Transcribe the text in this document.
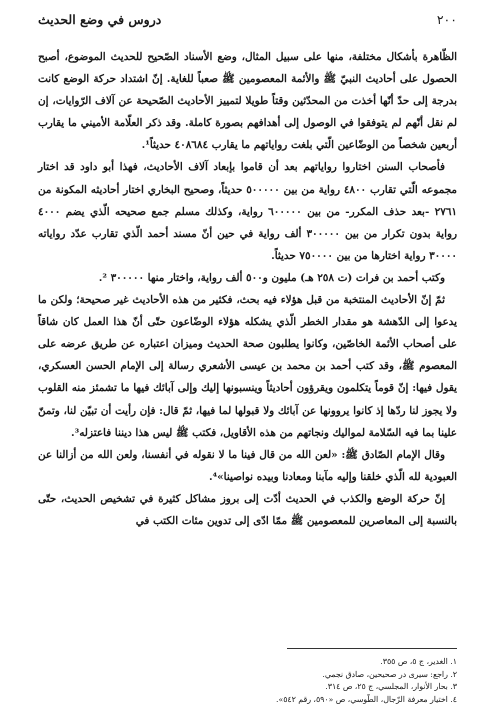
٢٠٠
دروس في وضع الحديث

الظّاهرة بأشكال مختلفة، منها على سبيل المثال، وضع الأسناد الصّحيح للحديث الموضوع، أصبح الحصول على أحاديث النبيّ ﷺ والأئمة المعصومين ﷺ صعباً للغاية. إنّ اشتداد حركة الوضع كانت بدرجة إلى حدّ أنّها أخذت من المحدّثين وقتاً طويلا لتمييز الأحاديث الصّحيحة عن آلاف الرّوايات، إن لم نقل أنّهم لم يتوفقوا في الوصول إلى أهدافهم بصورة كاملة. وقد ذكر العلّامة الأميني ما يقارب أربعين شخصاً من الوضّاعين الّتي بلغت رواياتهم ما يقارب ٤٠٨٦٨٤ حديثاً¹.

فأصحاب السنن اختاروا رواياتهم بعد أن قاموا بإبعاد آلاف الأحاديث، فهذا أبو داود قد اختار مجموعه الّتي تقارب ٤٨٠٠ رواية من بين ٥٠٠٠٠٠ حديثاً، وصحيح البخاري اختار أحاديثه المكونة من ٢٧٦١ -بعد حذف المكرر- من بين ٦٠٠٠٠٠ رواية، وكذلك مسلم جمع صحيحه الّذي يضم ٤٠٠٠ رواية بدون تكرار من بين ٣٠٠٠٠٠ ألف رواية في حين أنّ مسند أحمد الّذي تقارب عدّد رواياته ٣٠٠٠٠ رواية اختارها من بين ٧٥٠٠٠٠ حديثاً.

وكتب أحمد بن فرات (ت ٢٥٨ هـ) مليون و٥٠٠ ألف رواية، واختار منها ٣٠٠٠٠٠ ².

ثمّ إنّ الأحاديث المنتخبة من قبل هؤلاء فيه بحث، فكثير من هذه الأحاديث غير صحيحة؛ ولكن ما يدعوا إلى الدّهشة هو مقدار الخطر الّذي يشكله هؤلاء الوضّاعون حتّى أنّ هذا العمل كان شاقاً على أصحاب الأئمة الخاصّين، وكانوا يطلبون صحة الحديث وميزان اعتباره عن طريق عرضه على المعصوم ﷺ، وقد كتب أحمد بن محمد بن عيسى الأشعري رسالة إلى الإمام الحسن العسكري، يقول فيها: إنّ قوماً يتكلمون ويقرؤون أحاديثاً وينسبونها إليك وإلى آبائك فيها ما تشمئز منه القلوب ولا يجوز لنا ردّها إذ كانوا يروونها عن آبائك ولا قبولها لما فيها، ثمّ قال: فإن رأيت أن تبيّن لنا، وتمنّ علينا بما فيه السّلامة لمواليك ونجاتهم من هذه الأقاويل، فكتب ﷺ ليس هذا ديننا فاعتزله³.

وقال الإمام الصّادق ﷺ: «لعن الله من قال فينا ما لا نقوله في أنفسنا، ولعن الله من أزالنا عن العبودية لله الّذي خلقنا وإليه مآبنا ومعادنا وبيده نواصينا»⁴.

إنّ حركة الوضع والكذب في الحديث أدّت إلى بروز مشاكل كثيرة في تشخيص الحديث، حتّى بالنسبة إلى المعاصرين للمعصومين ﷺ ممّا ادّى إلى تدوين مئات الكتب في

١. الغدير، ج ٥، ص ٣٥٥.
٢. راجع: سيرى در صحيحين، صادق نجمي.
٣. بحار الأنوار، المجلسي، ج ٢٥، ص ٣١٤.
٤. اختيار معرفة الرّجال، الطّوسي، ص «٥٩٠، رقم ٥٤٢».
